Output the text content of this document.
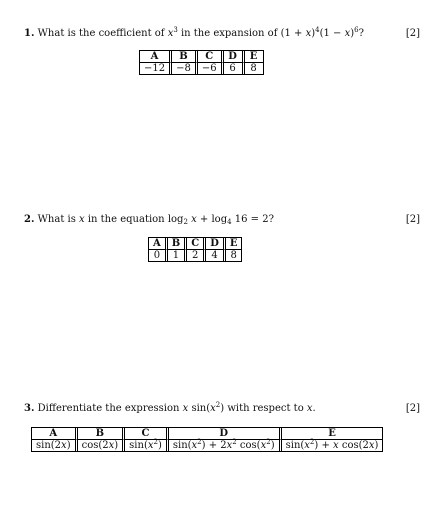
1. What is the coefficient of $x^3$ in the expansion of $(1 + x)^4(1 - x)^6$?	[2]
A	B	C	D	E
−12	−8	−6	6	8
2. What is x in the equation $\log_2 x + \log_4 16 = 2$?	[2]
A	B	C	D	E
0	1	2	4	8
3. Differentiate the expression x $\sin(x^2)$ with respect to x.	[2]
A	B	C	D	E
sin(2x)	cos(2x)	$\sin(x^2)$	$\sin(x^2) + 2x^2$ $\cos(x^2)$	$\sin(x^2) + x$ cos(2x)
